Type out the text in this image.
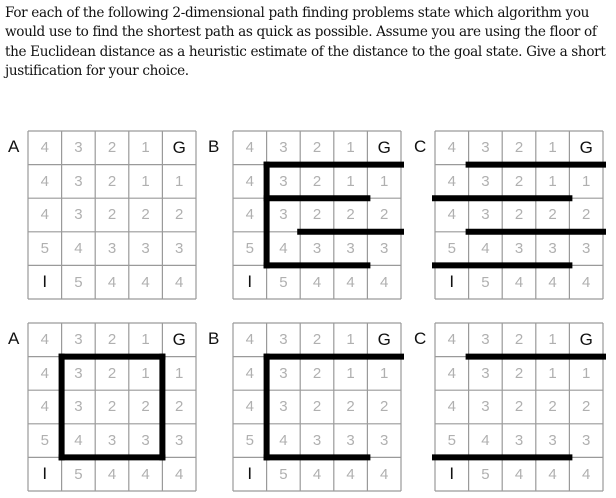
For each of the following 2-dimensional path finding problems state which algorithm you would use to find the shortest path as quick as possible. Assume you are using the floor of the Euclidean distance as a heuristic estimate of the distance to the goal state. Give a short justification for your choice.
A	4	3	2	1	G
4	3	2	1	1
4	3	2	2	2
5	4	3	3	3
I	5	4	4	4
B	4	3	2	1	G
4	3	2	1	1
4	3	2	2	2
5	4	3	3	3
I	5	4	4	4
C	4	3	2	1	G
4	3	2	1	1
4	3	2	2	2
5	4	3	3	3
I	5	4	4	4
A	4	3	2	1	G
4	3	2	1	1
4	3	2	2	2
5	4	3	3	3
I	5	4	4	4
B	4	3	2	1	G
4	3	2	1	1
4	3	2	2	2
5	4	3	3	3
I	5	4	4	4
C	4	3	2	1	G
4	3	2	1	1
4	3	2	2	2
5	4	3	3	3
I	5	4	4	4
